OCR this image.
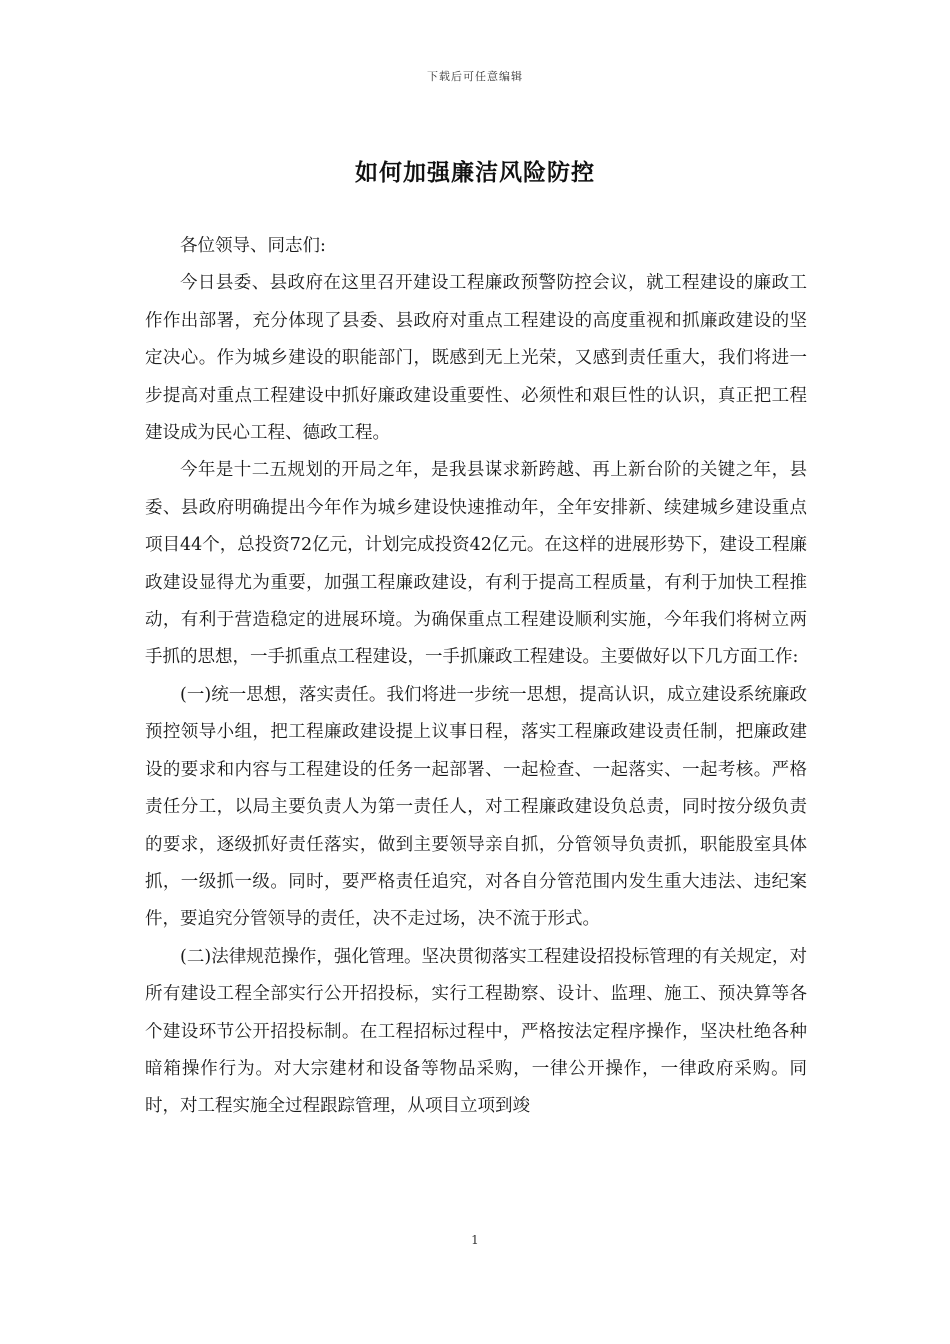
下载后可任意编辑
如何加强廉洁风险防控

各位领导、同志们:

今日县委、县政府在这里召开建设工程廉政预警防控会议，就工程建设的廉政工作作出部署，充分体现了县委、县政府对重点工程建设的高度重视和抓廉政建设的坚定决心。作为城乡建设的职能部门，既感到无上光荣，又感到责任重大，我们将进一步提高对重点工程建设中抓好廉政建设重要性、必须性和艰巨性的认识，真正把工程建设成为民心工程、德政工程。

今年是十二五规划的开局之年，是我县谋求新跨越、再上新台阶的关键之年，县委、县政府明确提出今年作为城乡建设快速推动年，全年安排新、续建城乡建设重点项目44个，总投资72亿元，计划完成投资42亿元。在这样的进展形势下，建设工程廉政建设显得尤为重要，加强工程廉政建设，有利于提高工程质量，有利于加快工程推动，有利于营造稳定的进展环境。为确保重点工程建设顺利实施，今年我们将树立两手抓的思想，一手抓重点工程建设，一手抓廉政工程建设。主要做好以下几方面工作:

(一)统一思想，落实责任。我们将进一步统一思想，提高认识，成立建设系统廉政预控领导小组，把工程廉政建设提上议事日程，落实工程廉政建设责任制，把廉政建设的要求和内容与工程建设的任务一起部署、一起检查、一起落实、一起考核。严格责任分工，以局主要负责人为第一责任人，对工程廉政建设负总责，同时按分级负责的要求，逐级抓好责任落实，做到主要领导亲自抓，分管领导负责抓，职能股室具体抓，一级抓一级。同时，要严格责任追究，对各自分管范围内发生重大违法、违纪案件，要追究分管领导的责任，决不走过场，决不流于形式。

(二)法律规范操作，强化管理。坚决贯彻落实工程建设招投标管理的有关规定，对所有建设工程全部实行公开招投标，实行工程勘察、设计、监理、施工、预决算等各个建设环节公开招投标制。在工程招标过程中，严格按法定程序操作，坚决杜绝各种暗箱操作行为。对大宗建材和设备等物品采购，一律公开操作，一律政府采购。同时，对工程实施全过程跟踪管理，从项目立项到竣

1
